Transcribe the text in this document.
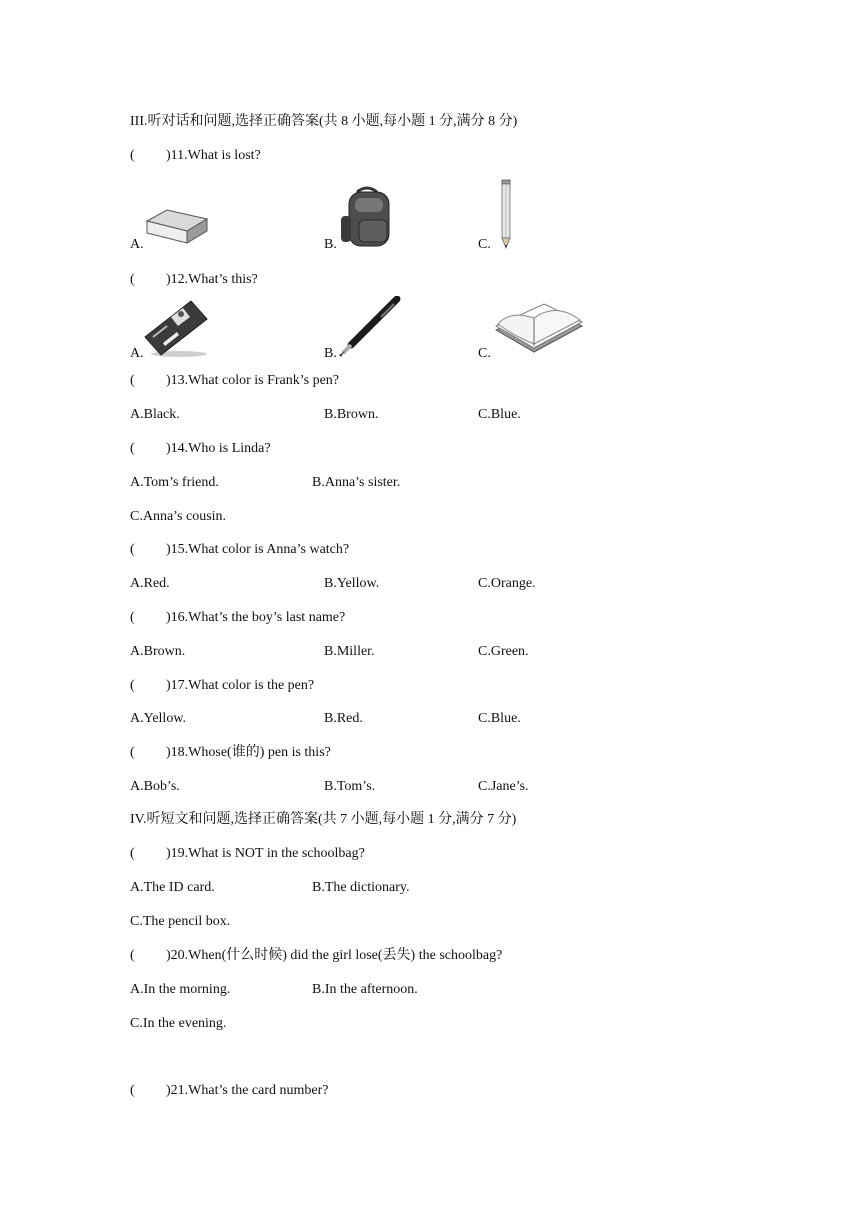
III.听对话和问题,选择正确答案(共 8 小题,每小题 1 分,满分 8 分)
( )11.What is lost?
A.	B.	C.
( )12.What’s this?
A.	B.	C.
( )13.What color is Frank’s pen?
A.Black.	B.Brown.	C.Blue.
( )14.Who is Linda?
A.Tom’s friend.	B.Anna’s sister.
C.Anna’s cousin.
( )15.What color is Anna’s watch?
A.Red.	B.Yellow.	C.Orange.
( )16.What’s the boy’s last name?
A.Brown.	B.Miller.	C.Green.
( )17.What color is the pen?
A.Yellow.	B.Red.	C.Blue.
( )18.Whose(谁的) pen is this?
A.Bob’s.	B.Tom’s.	C.Jane’s.
IV.听短文和问题,选择正确答案(共 7 小题,每小题 1 分,满分 7 分)
( )19.What is NOT in the schoolbag?
A.The ID card.	B.The dictionary.
C.The pencil box.
( )20.When(什么时候) did the girl lose(丢失) the schoolbag?
A.In the morning.	B.In the afternoon.
C.In the evening.
( )21.What’s the card number?
